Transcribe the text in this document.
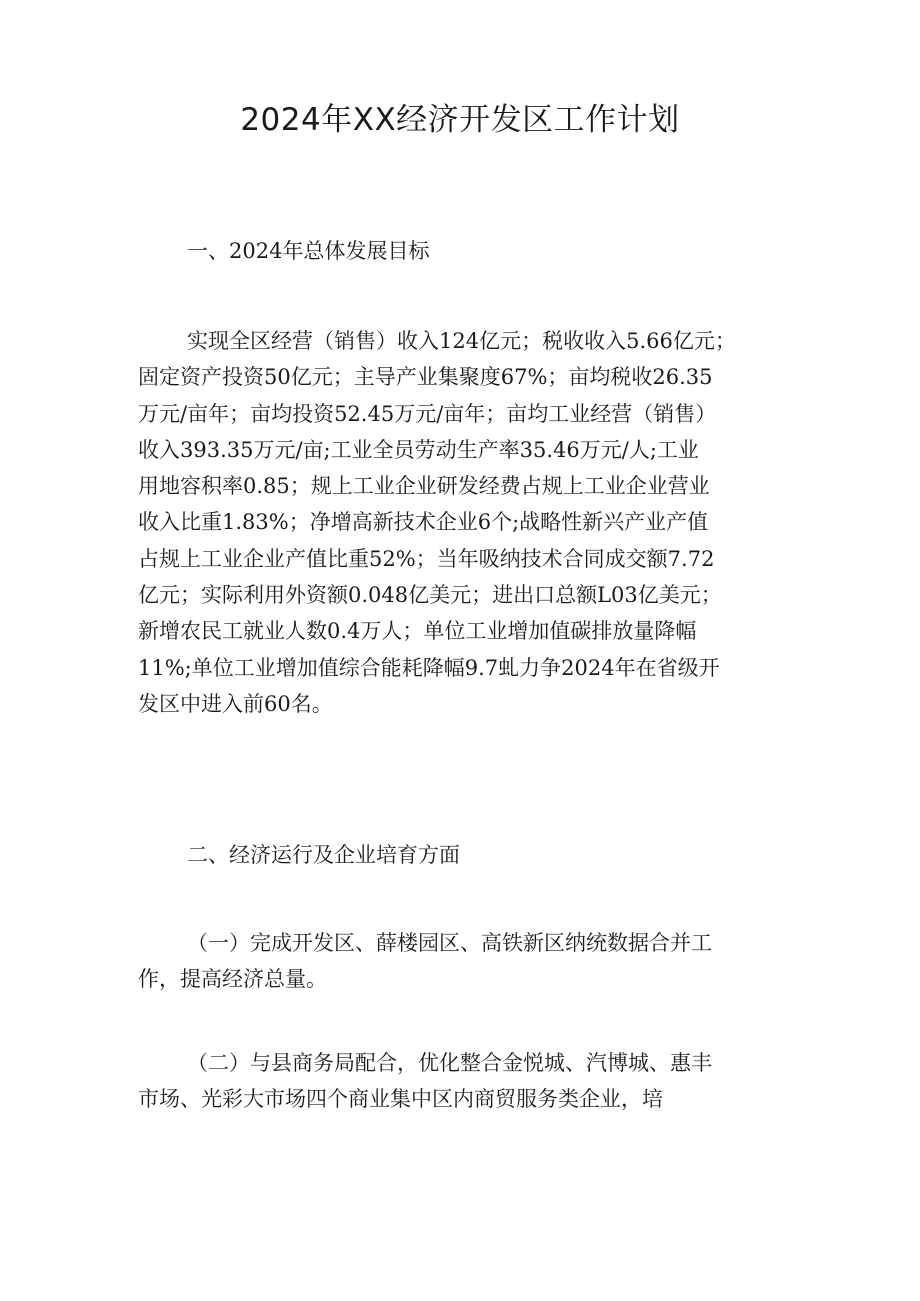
2024年XX经济开发区工作计划
一、2024年总体发展目标
实现全区经营（销售）收入124亿元；税收收入5.66亿元；
固定资产投资50亿元；主导产业集聚度67%；亩均税收26.35
万元/亩年；亩均投资52.45万元/亩年；亩均工业经营（销售）
收入393.35万元/亩;工业全员劳动生产率35.46万元/人;工业
用地容积率0.85；规上工业企业研发经费占规上工业企业营业
收入比重1.83%；净增高新技术企业6个;战略性新兴产业产值
占规上工业企业产值比重52%；当年吸纳技术合同成交额7.72
亿元；实际利用外资额0.048亿美元；进出口总额L03亿美元；
新增农民工就业人数0.4万人；单位工业增加值碳排放量降幅
11%;单位工业增加值综合能耗降幅9.7虬力争2024年在省级开
发区中进入前60名。
二、经济运行及企业培育方面
（一）完成开发区、薛楼园区、高铁新区纳统数据合并工
作，提高经济总量。
（二）与县商务局配合，优化整合金悦城、汽博城、惠丰
市场、光彩大市场四个商业集中区内商贸服务类企业，培
